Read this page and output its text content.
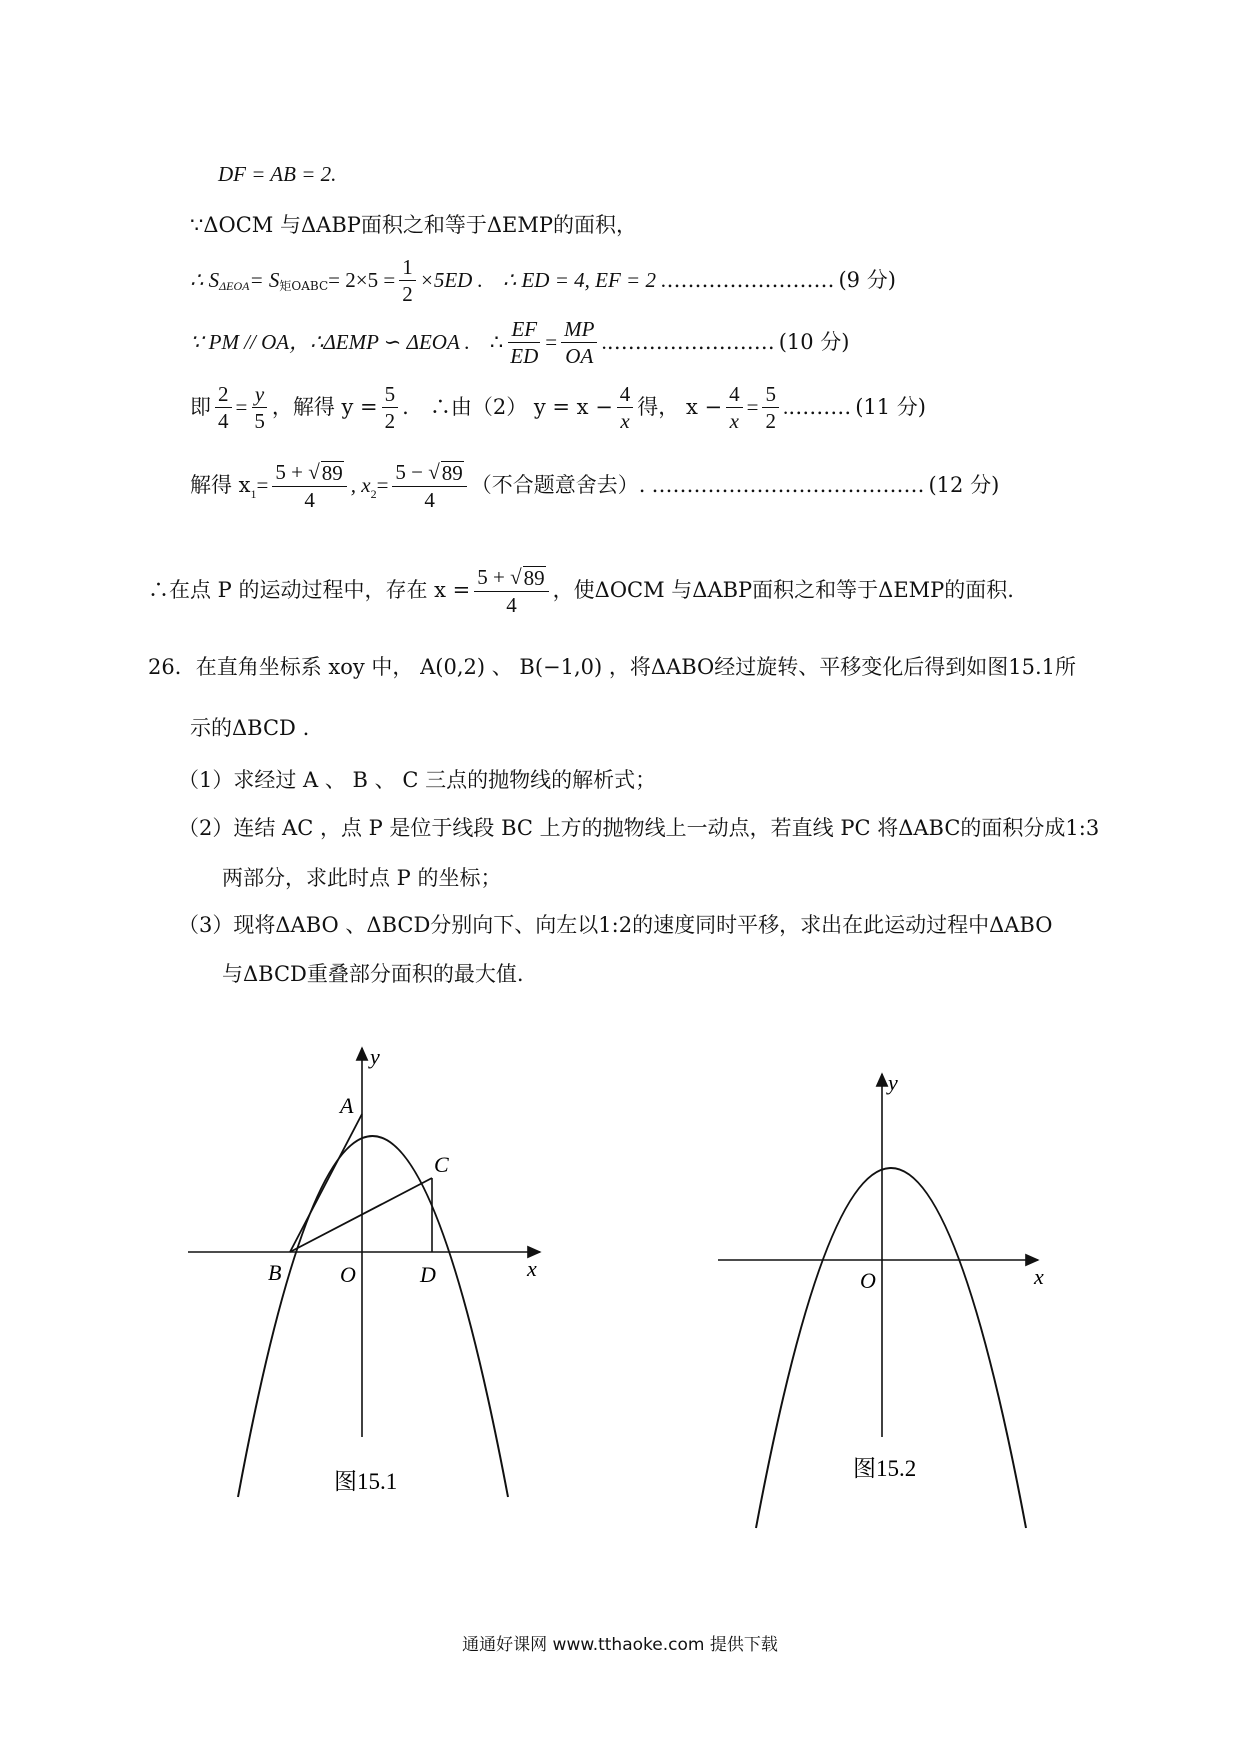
DF = AB = 2.
∵ΔOCM 与ΔABP面积之和等于ΔEMP的面积，
∴ S ΔEOA = S 矩OABC = $2\times 5 = \frac{1}{2} \times 5ED$ . ∴ ED = 4, EF = 2 . …………………… (9 分)
∵ PM // OA，∴ΔEMP ∽ ΔEOA . ∴ $\frac{EF}{ED} = \frac{MP}{OA}$ . …………………… (10 分)
即 $\frac{2}{4} = \frac{y}{5}$ ，解得 $y = \frac{5}{2}$ .　∴由（2） $y = x - \frac{4}{x}$ 得， $x - \frac{4}{x} = \frac{5}{2}$ . ……… (11 分)
解得 x $1 = \frac{5 + √ 89}{4}$ , x $2 = \frac{5 - √ 89}{4}$ （不合题意舍去）. ………………………………… (12 分)
∴在点 P 的运动过程中，存在 $x = \frac{5 + √ 89}{4}$ ，使ΔOCM 与ΔABP面积之和等于ΔEMP的面积.
26．在直角坐标系 xoy 中， A(0,2) 、 B(−1,0) ，将ΔABO经过旋转、平移变化后得到如图15.1所
示的ΔBCD .
（1）求经过 A 、 B 、 C 三点的抛物线的解析式；
（2）连结 AC ，点 P 是位于线段 BC 上方的抛物线上一动点，若直线 PC 将ΔABC的面积分成1:3
两部分，求此时点 P 的坐标；
（3）现将ΔABO 、ΔBCD分别向下、向左以1:2的速度同时平移，求出在此运动过程中ΔABO
与ΔBCD重叠部分面积的最大值.
y
A
C
B	O	D	x
图15.1
y
O	x
图15.2
通通好课网 www.tthaoke.com 提供下载
